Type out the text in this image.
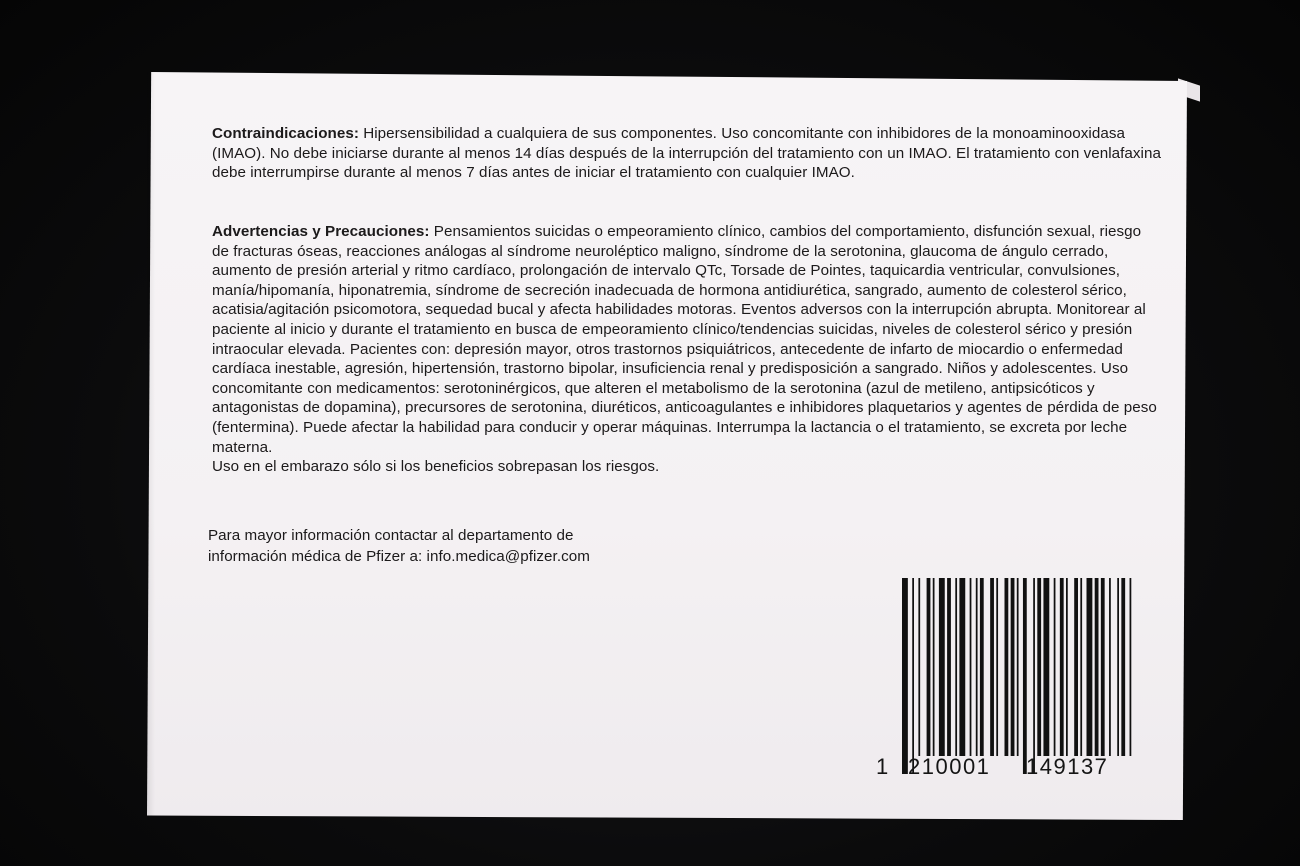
Contraindicaciones: Hipersensibilidad a cualquiera de sus componentes. Uso concomitante con inhibidores de la monoaminooxidasa (IMAO). No debe iniciarse durante al menos 14 días después de la interrupción del tratamiento con un IMAO. El tratamiento con venlafaxina debe interrumpirse durante al menos 7 días antes de iniciar el tratamiento con cualquier IMAO.
Advertencias y Precauciones: Pensamientos suicidas o empeoramiento clínico, cambios del comportamiento, disfunción sexual, riesgo de fracturas óseas, reacciones análogas al síndrome neuroléptico maligno, síndrome de la serotonina, glaucoma de ángulo cerrado, aumento de presión arterial y ritmo cardíaco, prolongación de intervalo QTc, Torsade de Pointes, taquicardia ventricular, convulsiones, manía/hipomanía, hiponatremia, síndrome de secreción inadecuada de hormona antidiurética, sangrado, aumento de colesterol sérico, acatisia/agitación psicomotora, sequedad bucal y afecta habilidades motoras. Eventos adversos con la interrupción abrupta. Monitorear al paciente al inicio y durante el tratamiento en busca de empeoramiento clínico/tendencias suicidas, niveles de colesterol sérico y presión intraocular elevada. Pacientes con: depresión mayor, otros trastornos psiquiátricos, antecedente de infarto de miocardio o enfermedad cardíaca inestable, agresión, hipertensión, trastorno bipolar, insuficiencia renal y predisposición a sangrado. Niños y adolescentes. Uso concomitante con medicamentos: serotoninérgicos, que alteren el metabolismo de la serotonina (azul de metileno, antipsicóticos y antagonistas de dopamina), precursores de serotonina, diuréticos, anticoagulantes e inhibidores plaquetarios y agentes de pérdida de peso (fentermina). Puede afectar la habilidad para conducir y operar máquinas. Interrumpa la lactancia o el tratamiento, se excreta por leche materna.
Uso en el embarazo sólo si los beneficios sobrepasan los riesgos.
Para mayor información contactar al departamento de
información médica de Pfizer a: info.medica@pfizer.com
1 210001 149137
